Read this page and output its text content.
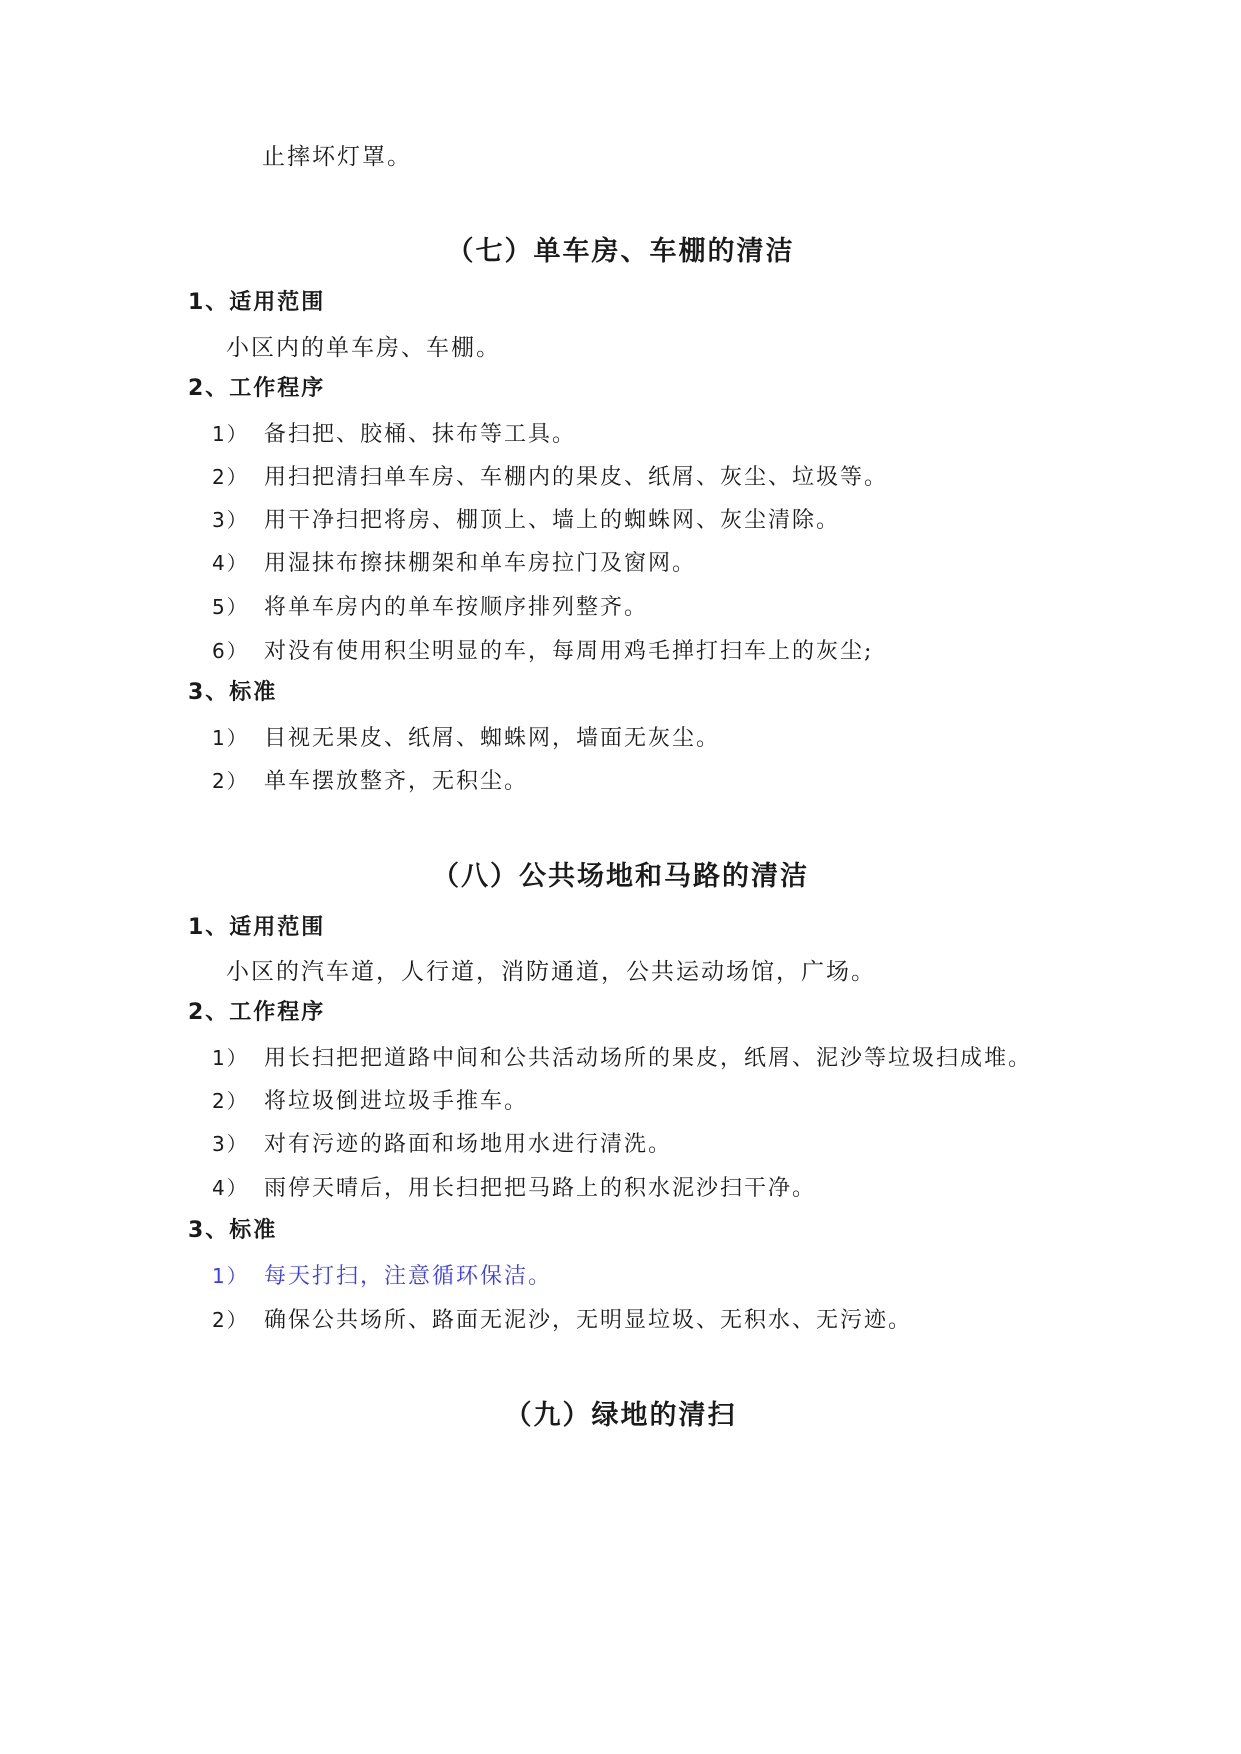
止摔坏灯罩。
（七）单车房、车棚的清洁
1、适用范围
小区内的单车房、车棚。
2、工作程序
1） 备扫把、胶桶、抹布等工具。
2） 用扫把清扫单车房、车棚内的果皮、纸屑、灰尘、垃圾等。
3） 用干净扫把将房、棚顶上、墙上的蜘蛛网、灰尘清除。
4） 用湿抹布擦抹棚架和单车房拉门及窗网。
5） 将单车房内的单车按顺序排列整齐。
6） 对没有使用积尘明显的车，每周用鸡毛掸打扫车上的灰尘;
3、标准
1） 目视无果皮、纸屑、蜘蛛网，墙面无灰尘。
2） 单车摆放整齐，无积尘。
（八）公共场地和马路的清洁
1、适用范围
小区的汽车道，人行道，消防通道，公共运动场馆，广场。
2、工作程序
1） 用长扫把把道路中间和公共活动场所的果皮，纸屑、泥沙等垃圾扫成堆。
2） 将垃圾倒进垃圾手推车。
3） 对有污迹的路面和场地用水进行清洗。
4） 雨停天晴后，用长扫把把马路上的积水泥沙扫干净。
3、标准
1） 每天打扫，注意循环保洁。
2） 确保公共场所、路面无泥沙，无明显垃圾、无积水、无污迹。
（九）绿地的清扫
